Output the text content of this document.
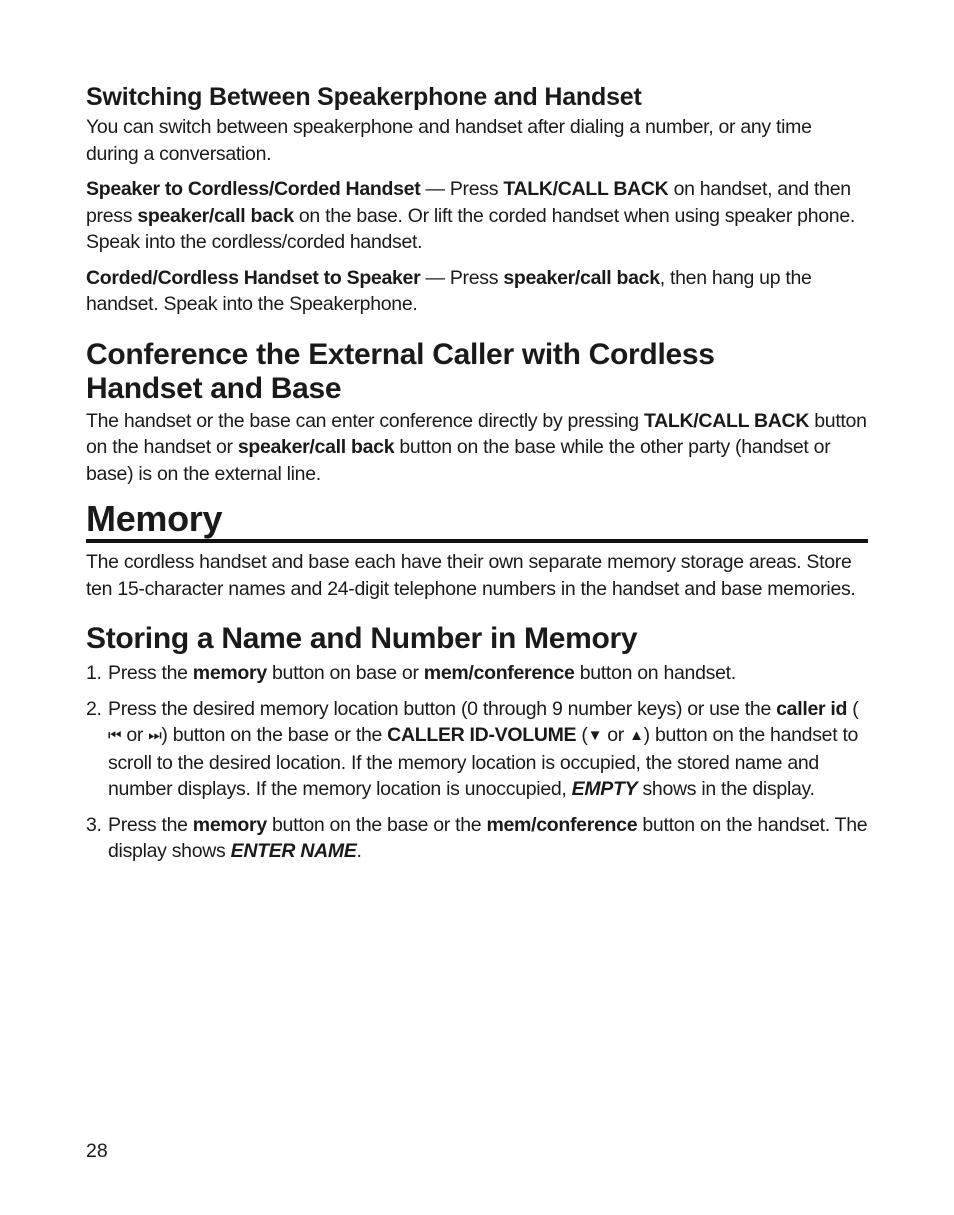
Switching Between Speakerphone and Handset

You can switch between speakerphone and handset after dialing a number, or any time during a conversation.

Speaker to Cordless/Corded Handset — Press TALK/CALL BACK on handset, and then press speaker/call back on the base. Or lift the corded handset when using speaker phone. Speak into the cordless/corded handset.

Corded/Cordless Handset to Speaker — Press speaker/call back, then hang up the handset. Speak into the Speakerphone.

Conference the External Caller with Cordless Handset and Base

The handset or the base can enter conference directly by pressing TALK/CALL BACK button on the handset or speaker/call back button on the base while the other party (handset or base) is on the external line.

Memory

The cordless handset and base each have their own separate memory storage areas. Store ten 15-character names and 24-digit telephone numbers in the handset and base memories.

Storing a Name and Number in Memory
1. Press the memory button on base or mem/conference button on handset.
2. Press the desired memory location button (0 through 9 number keys) or use the caller id (⏮ or ⏭) button on the base or the CALLER ID-VOLUME (▼ or ▲) button on the handset to scroll to the desired location. If the memory location is occupied, the stored name and number displays. If the memory location is unoccupied, EMPTY shows in the display.
3. Press the memory button on the base or the mem/conference button on the handset. The display shows ENTER NAME.
28
